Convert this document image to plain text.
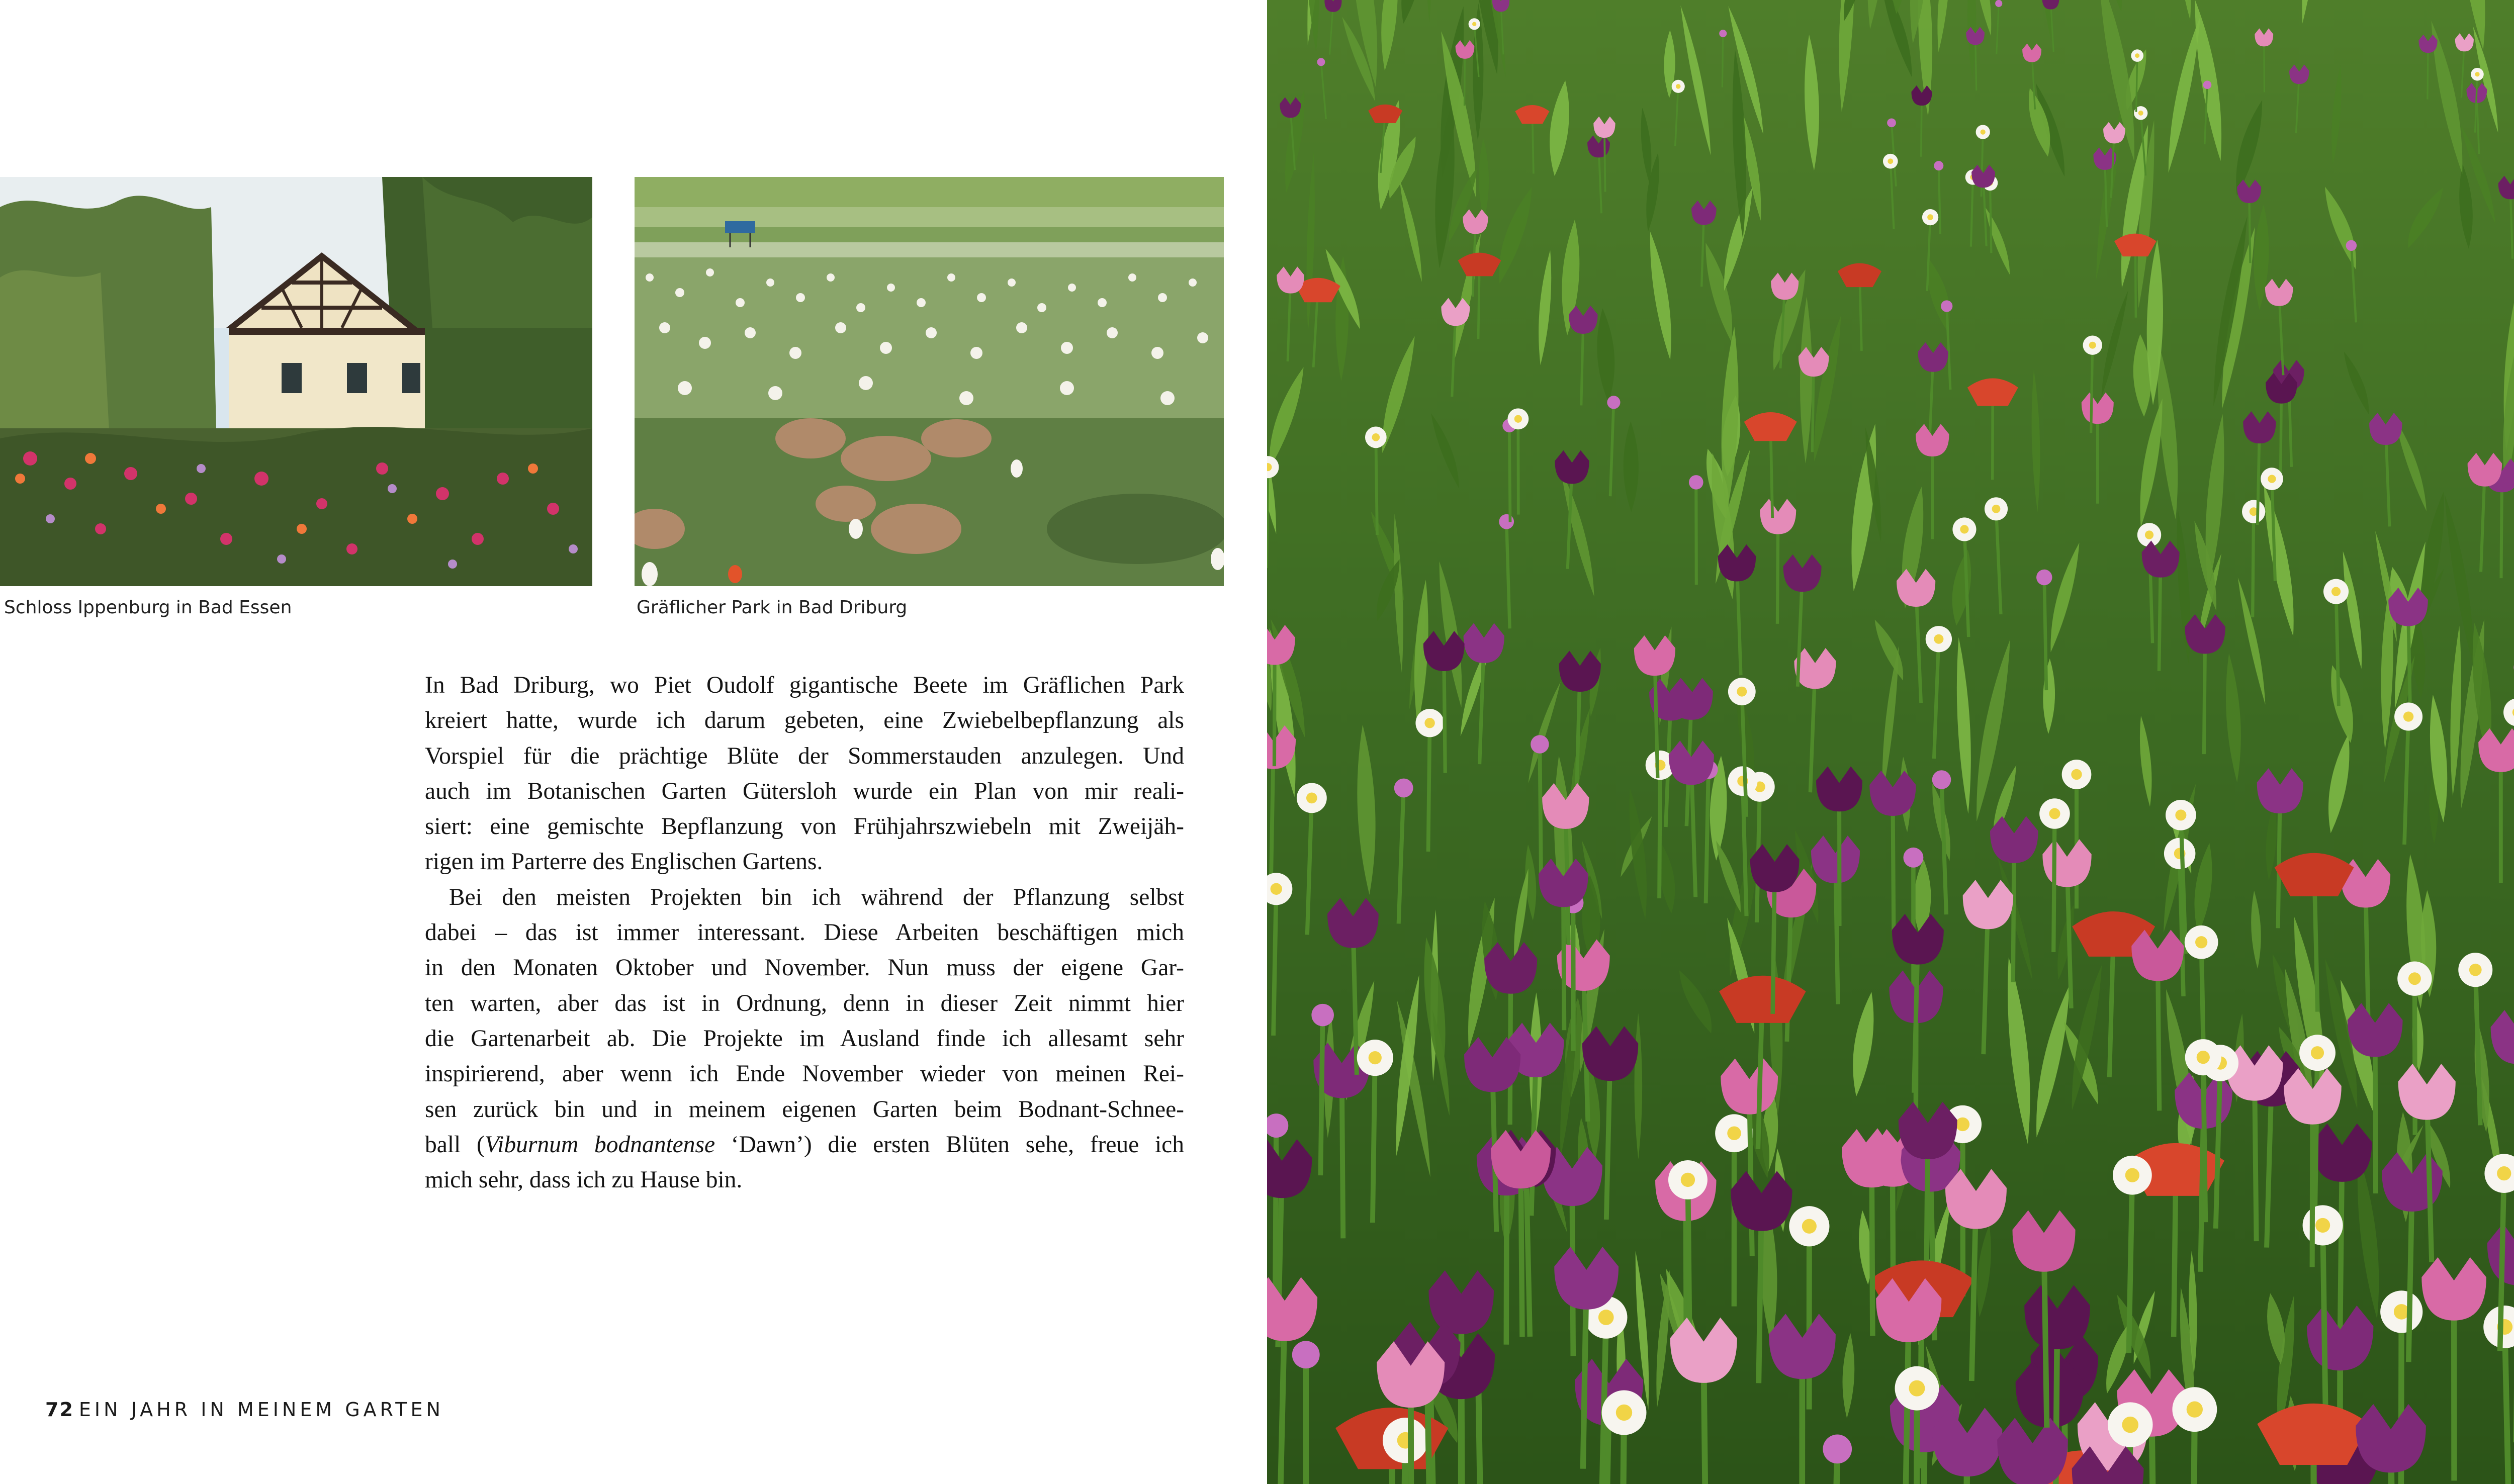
Schloss Ippenburg in Bad Essen	Gräflicher Park in Bad Driburg
In Bad Driburg, wo Piet Oudolf gigantische Beete im Gräflichen Park
kreiert hatte, wurde ich darum gebeten, eine Zwiebelbepflanzung als
Vorspiel für die prächtige Blüte der Sommerstauden anzulegen. Und
auch im Botanischen Garten Gütersloh wurde ein Plan von mir reali-
siert: eine gemischte Bepflanzung von Frühjahrszwiebeln mit Zweijäh-
rigen im Parterre des Englischen Gartens.
Bei den meisten Projekten bin ich während der Pflanzung selbst
dabei – das ist immer interessant. Diese Arbeiten beschäftigen mich
in den Monaten Oktober und November. Nun muss der eigene Gar-
ten warten, aber das ist in Ordnung, denn in dieser Zeit nimmt hier
die Gartenarbeit ab. Die Projekte im Ausland finde ich allesamt sehr
inspirierend, aber wenn ich Ende November wieder von meinen Rei-
sen zurück bin und in meinem eigenen Garten beim Bodnant-Schnee-
ball (Viburnum bodnantense ‘Dawn’) die ersten Blüten sehe, freue ich
mich sehr, dass ich zu Hause bin.
72 EIN JAHR IN MEINEM GARTEN
